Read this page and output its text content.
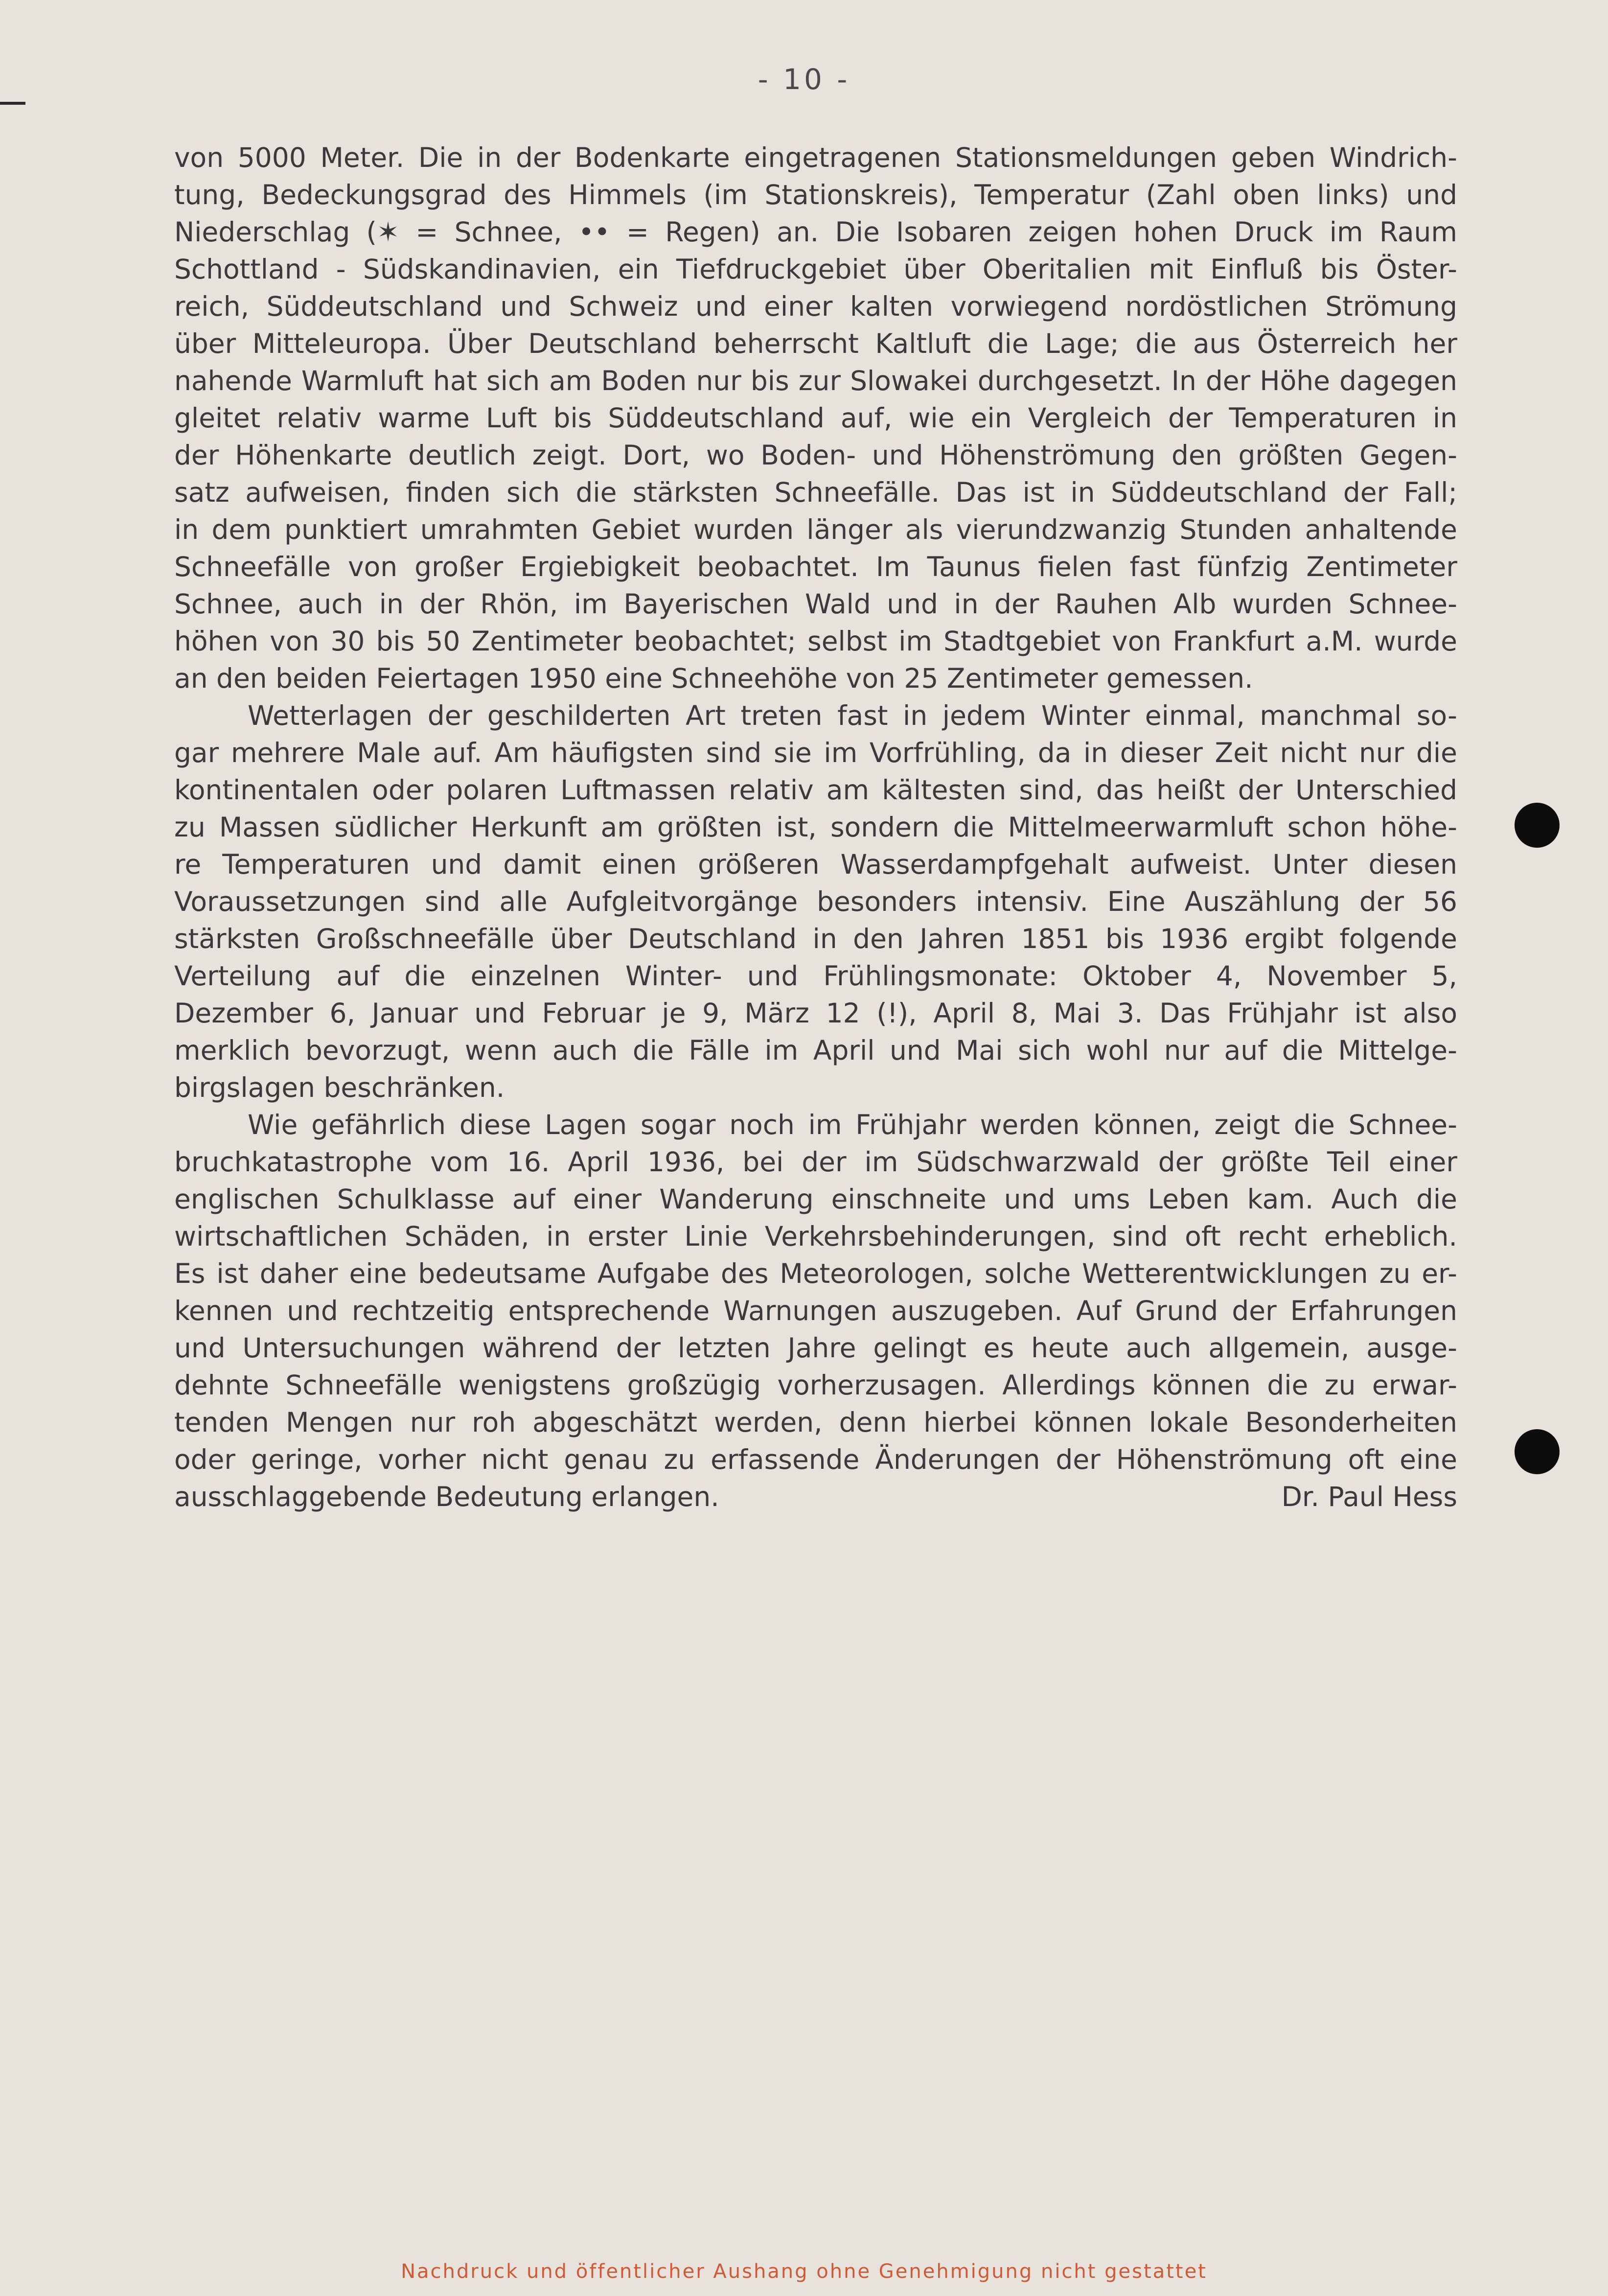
- 10 -
von 5000 Meter. Die in der Bodenkarte eingetragenen Stationsmeldungen geben Windrich-
tung, Bedeckungsgrad des Himmels (im Stationskreis), Temperatur (Zahl oben links) und
Niederschlag (✶ = Schnee, •• = Regen) an. Die Isobaren zeigen hohen Druck im Raum
Schottland - Südskandinavien, ein Tiefdruckgebiet über Oberitalien mit Einfluß bis Öster-
reich, Süddeutschland und Schweiz und einer kalten vorwiegend nordöstlichen Strömung
über Mitteleuropa. Über Deutschland beherrscht Kaltluft die Lage; die aus Österreich her
nahende Warmluft hat sich am Boden nur bis zur Slowakei durchgesetzt. In der Höhe dagegen
gleitet relativ warme Luft bis Süddeutschland auf, wie ein Vergleich der Temperaturen in
der Höhenkarte deutlich zeigt. Dort, wo Boden- und Höhenströmung den größten Gegen-
satz aufweisen, finden sich die stärksten Schneefälle. Das ist in Süddeutschland der Fall;
in dem punktiert umrahmten Gebiet wurden länger als vierundzwanzig Stunden anhaltende
Schneefälle von großer Ergiebigkeit beobachtet. Im Taunus fielen fast fünfzig Zentimeter
Schnee, auch in der Rhön, im Bayerischen Wald und in der Rauhen Alb wurden Schnee-
höhen von 30 bis 50 Zentimeter beobachtet; selbst im Stadtgebiet von Frankfurt a.M. wurde
an den beiden Feiertagen 1950 eine Schneehöhe von 25 Zentimeter gemessen.
Wetterlagen der geschilderten Art treten fast in jedem Winter einmal, manchmal so-
gar mehrere Male auf. Am häufigsten sind sie im Vorfrühling, da in dieser Zeit nicht nur die
kontinentalen oder polaren Luftmassen relativ am kältesten sind, das heißt der Unterschied
zu Massen südlicher Herkunft am größten ist, sondern die Mittelmeerwarmluft schon höhe-
re Temperaturen und damit einen größeren Wasserdampfgehalt aufweist. Unter diesen
Voraussetzungen sind alle Aufgleitvorgänge besonders intensiv. Eine Auszählung der 56
stärksten Großschneefälle über Deutschland in den Jahren 1851 bis 1936 ergibt folgende
Verteilung auf die einzelnen Winter- und Frühlingsmonate: Oktober 4, November 5,
Dezember 6, Januar und Februar je 9, März 12 (!), April 8, Mai 3. Das Frühjahr ist also
merklich bevorzugt, wenn auch die Fälle im April und Mai sich wohl nur auf die Mittelge-
birgslagen beschränken.
Wie gefährlich diese Lagen sogar noch im Frühjahr werden können, zeigt die Schnee-
bruchkatastrophe vom 16. April 1936, bei der im Südschwarzwald der größte Teil einer
englischen Schulklasse auf einer Wanderung einschneite und ums Leben kam. Auch die
wirtschaftlichen Schäden, in erster Linie Verkehrsbehinderungen, sind oft recht erheblich.
Es ist daher eine bedeutsame Aufgabe des Meteorologen, solche Wetterentwicklungen zu er-
kennen und rechtzeitig entsprechende Warnungen auszugeben. Auf Grund der Erfahrungen
und Untersuchungen während der letzten Jahre gelingt es heute auch allgemein, ausge-
dehnte Schneefälle wenigstens großzügig vorherzusagen. Allerdings können die zu erwar-
tenden Mengen nur roh abgeschätzt werden, denn hierbei können lokale Besonderheiten
oder geringe, vorher nicht genau zu erfassende Änderungen der Höhenströmung oft eine
ausschlaggebende Bedeutung erlangen.	Dr. Paul Hess
Nachdruck und öffentlicher Aushang ohne Genehmigung nicht gestattet
